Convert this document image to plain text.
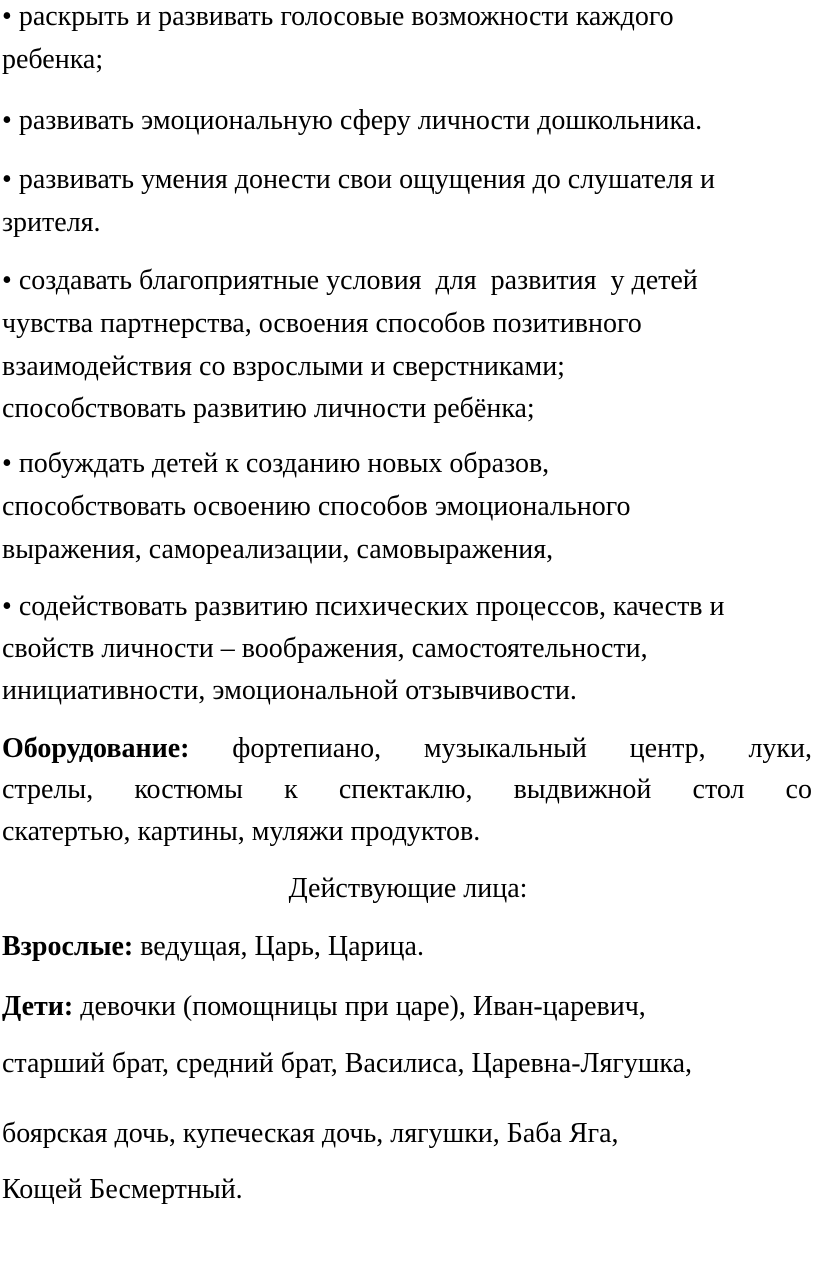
• раскрыть и развивать голосовые возможности каждого
ребенка;
• развивать эмоциональную сферу личности дошкольника.
• развивать умения донести свои ощущения до слушателя и
зрителя.
• создавать благоприятные условия  для  развития  у детей
чувства партнерства, освоения способов позитивного
взаимодействия со взрослыми и сверстниками;
способствовать развитию личности ребёнка;
• побуждать детей к созданию новых образов,
способствовать освоению способов эмоционального
выражения, самореализации, самовыражения,
• содействовать развитию психических процессов, качеств и
свойств личности – воображения, самостоятельности,
инициативности, эмоциональной отзывчивости.
Оборудование: фортепиано, музыкальный центр, луки,
стрелы, костюмы к спектаклю, выдвижной стол со
скатертью, картины, муляжи продуктов.
Действующие лица:
Взрослые: ведущая, Царь, Царица.
Дети: девочки (помощницы при царе), Иван-царевич,
старший брат, средний брат, Василиса, Царевна-Лягушка,
боярская дочь, купеческая дочь, лягушки, Баба Яга,
Кощей Бесмертный.
